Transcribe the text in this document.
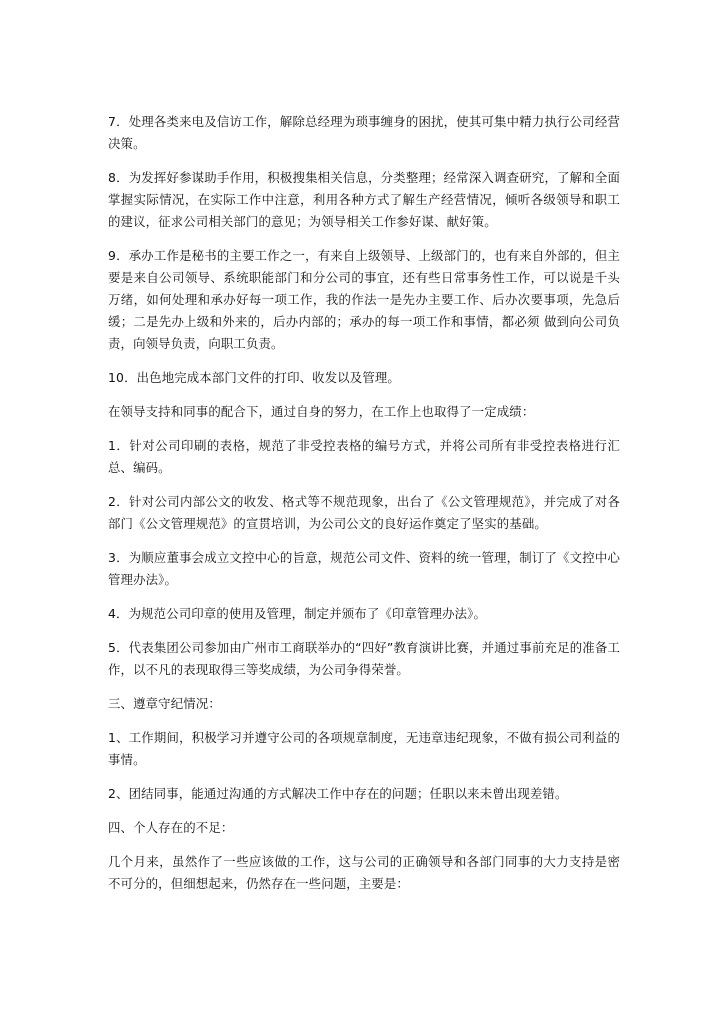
7．处理各类来电及信访工作，解除总经理为琐事缠身的困扰，使其可集中精力执行公司经营决策。

8．为发挥好参谋助手作用，积极搜集相关信息，分类整理；经常深入调查研究，了解和全面掌握实际情况，在实际工作中注意，利用各种方式了解生产经营情况，倾听各级领导和职工的建议，征求公司相关部门的意见；为领导相关工作参好谋、献好策。

9．承办工作是秘书的主要工作之一，有来自上级领导、上级部门的，也有来自外部的，但主要是来自公司领导、系统职能部门和分公司的事宜，还有些日常事务性工作，可以说是千头万绪，如何处理和承办好每一项工作，我的作法一是先办主要工作、后办次要事项，先急后缓；二是先办上级和外来的，后办内部的；承办的每一项工作和事情，都必须 做到向公司负责，向领导负责，向职工负责。

10．出色地完成本部门文件的打印、收发以及管理。

在领导支持和同事的配合下，通过自身的努力，在工作上也取得了一定成绩：

1．针对公司印刷的表格，规范了非受控表格的编号方式，并将公司所有非受控表格进行汇总、编码。

2．针对公司内部公文的收发、格式等不规范现象，出台了《公文管理规范》，并完成了对各部门《公文管理规范》的宣贯培训，为公司公文的良好运作奠定了坚实的基础。

3．为顺应董事会成立文控中心的旨意，规范公司文件、资料的统一管理，制订了《文控中心管理办法》。

4．为规范公司印章的使用及管理，制定并颁布了《印章管理办法》。

5．代表集团公司参加由广州市工商联举办的“四好”教育演讲比赛，并通过事前充足的准备工作，以不凡的表现取得三等奖成绩，为公司争得荣誉。

三、遵章守纪情况：

1、工作期间，积极学习并遵守公司的各项规章制度，无违章违纪现象，不做有损公司利益的事情。

2、团结同事，能通过沟通的方式解决工作中存在的问题；任职以来未曾出现差错。

四、个人存在的不足：

几个月来，虽然作了一些应该做的工作，这与公司的正确领导和各部门同事的大力支持是密不可分的，但细想起来，仍然存在一些问题，主要是：
